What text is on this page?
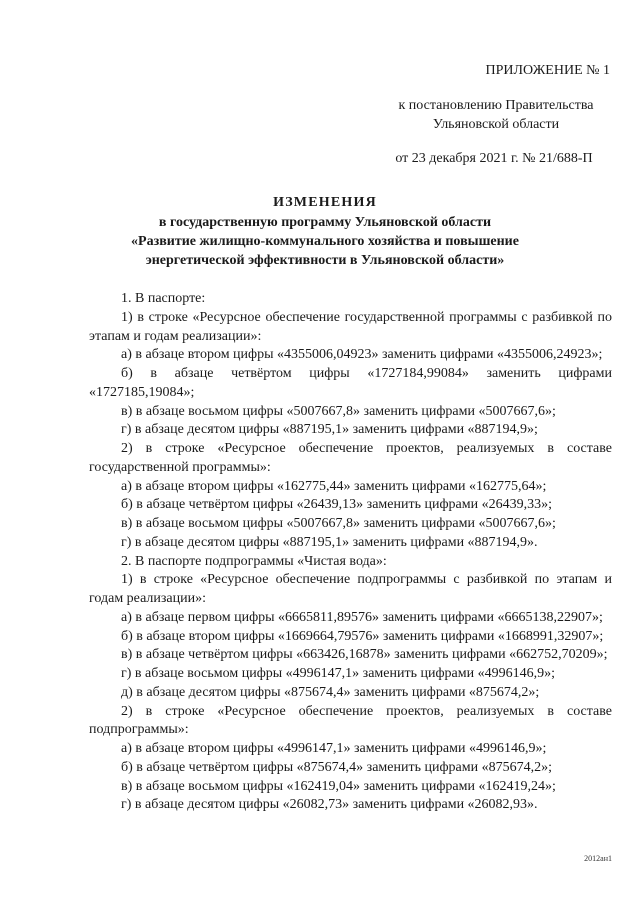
ПРИЛОЖЕНИЕ № 1
к постановлению Правительства
Ульяновской области
от 23 декабря 2021 г. № 21/688-П
ИЗМЕНЕНИЯ
в государственную программу Ульяновской области
«Развитие жилищно-коммунального хозяйства и повышение
энергетической эффективности в Ульяновской области»

1. В паспорте:

1) в строке «Ресурсное обеспечение государственной программы с разбивкой по этапам и годам реализации»:

а) в абзаце втором цифры «4355006,04923» заменить цифрами «4355006,24923»;

б) в абзаце четвёртом цифры «1727184,99084» заменить цифрами «1727185,19084»;

в) в абзаце восьмом цифры «5007667,8» заменить цифрами «5007667,6»;

г) в абзаце десятом цифры «887195,1» заменить цифрами «887194,9»;

2) в строке «Ресурсное обеспечение проектов, реализуемых в составе государственной программы»:

а) в абзаце втором цифры «162775,44» заменить цифрами «162775,64»;

б) в абзаце четвёртом цифры «26439,13» заменить цифрами «26439,33»;

в) в абзаце восьмом цифры «5007667,8» заменить цифрами «5007667,6»;

г) в абзаце десятом цифры «887195,1» заменить цифрами «887194,9».

2. В паспорте подпрограммы «Чистая вода»:

1) в строке «Ресурсное обеспечение подпрограммы с разбивкой по этапам и годам реализации»:

а) в абзаце первом цифры «6665811,89576» заменить цифрами «6665138,22907»;

б) в абзаце втором цифры «1669664,79576» заменить цифрами «1668991,32907»;

в) в абзаце четвёртом цифры «663426,16878» заменить цифрами «662752,70209»;

г) в абзаце восьмом цифры «4996147,1» заменить цифрами «4996146,9»;

д) в абзаце десятом цифры «875674,4» заменить цифрами «875674,2»;

2) в строке «Ресурсное обеспечение проектов, реализуемых в составе подпрограммы»:

а) в абзаце втором цифры «4996147,1» заменить цифрами «4996146,9»;

б) в абзаце четвёртом цифры «875674,4» заменить цифрами «875674,2»;

в) в абзаце восьмом цифры «162419,04» заменить цифрами «162419,24»;

г) в абзаце десятом цифры «26082,73» заменить цифрами «26082,93».

2012ан1
